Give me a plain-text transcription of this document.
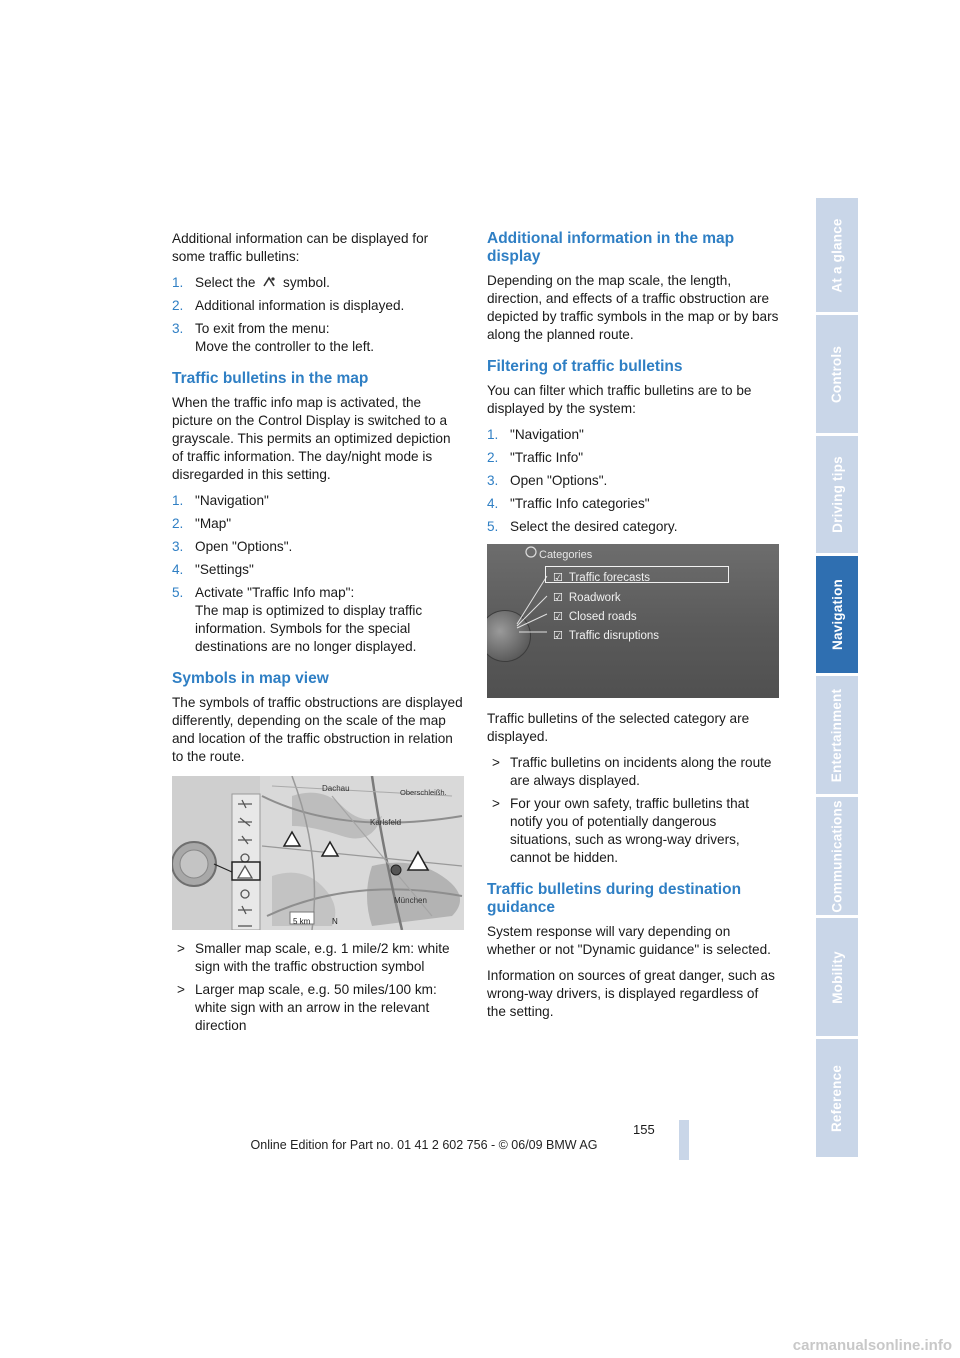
Additional information can be displayed for some traffic bulletins:

1. Select the symbol.
2. Additional information is displayed.
3. To exit from the menu:
Move the controller to the left.
Traffic bulletins in the map

When the traffic info map is activated, the picture on the Control Display is switched to a grayscale. This permits an optimized depiction of traffic information. The day/night mode is disregarded in this setting.

1. "Navigation"
2. "Map"
3. Open "Options".
4. "Settings"
5. Activate "Traffic Info map":
The map is optimized to display traffic information. Symbols for the special destinations are no longer displayed.
Symbols in map view

The symbols of traffic obstructions are displayed differently, depending on the scale of the map and location of the traffic obstruction in relation to the route.

Dachau	Oberschleißh.
Karlsfeld
München
5 km	N
> Smaller map scale, e.g. 1 mile/2 km: white sign with the traffic obstruction symbol
> Larger map scale, e.g. 50 miles/100 km: white sign with an arrow in the relevant direction
Additional information in the map display

Depending on the map scale, the length, direction, and effects of a traffic obstruction are depicted by traffic symbols in the map or by bars along the planned route.

Filtering of traffic bulletins

You can filter which traffic bulletins are to be displayed by the system:

1. "Navigation"
2. "Traffic Info"
3. Open "Options".
4. "Traffic Info categories"
5. Select the desired category.
Categories
☑ Traffic forecasts
☑ Roadwork
☑ Closed roads
☑ Traffic disruptions

Traffic bulletins of the selected category are displayed.

> Traffic bulletins on incidents along the route are always displayed.
> For your own safety, traffic bulletins that notify you of potentially dangerous situations, such as wrong-way drivers, cannot be hidden.
Traffic bulletins during destination guidance

System response will vary depending on whether or not "Dynamic guidance" is selected.

Information on sources of great danger, such as wrong-way drivers, is displayed regardless of the setting.

At a glance
Controls
Driving tips
Navigation
Entertainment
Communications
Mobility
Reference
155
Online Edition for Part no. 01 41 2 602 756 - © 06/09 BMW AG
carmanualsonline.info
